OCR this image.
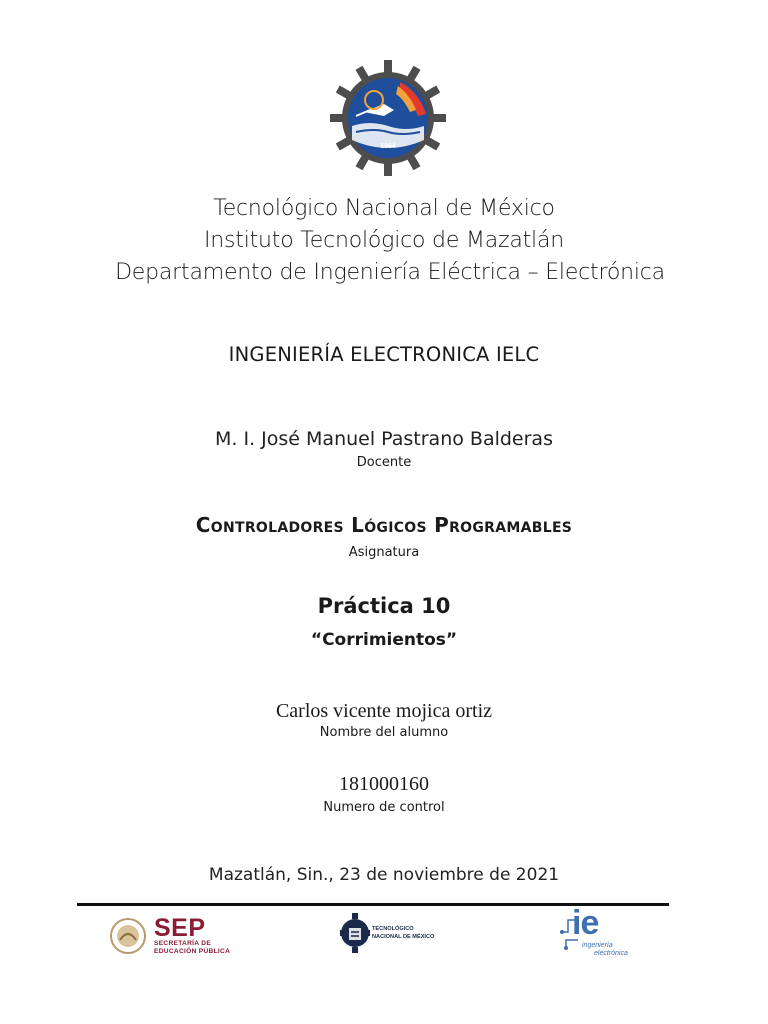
1964
Tecnológico Nacional de México
Instituto Tecnológico de Mazatlán
Departamento de Ingeniería Eléctrica – Electrónica
INGENIERÍA ELECTRONICA IELC
M. I. José Manuel Pastrano Balderas
Docente
Controladores Lógicos Programables
Asignatura
Práctica 10
“Corrimientos”
Carlos vicente mojica ortiz
Nombre del alumno
181000160
Numero de control
Mazatlán, Sin., 23 de noviembre de 2021
SEP
SECRETARÍA DE
EDUCACIÓN PÚBLICA
TECNOLÓGICO
NACIONAL DE MÉXICO	ie
ingeniería
electrónica
